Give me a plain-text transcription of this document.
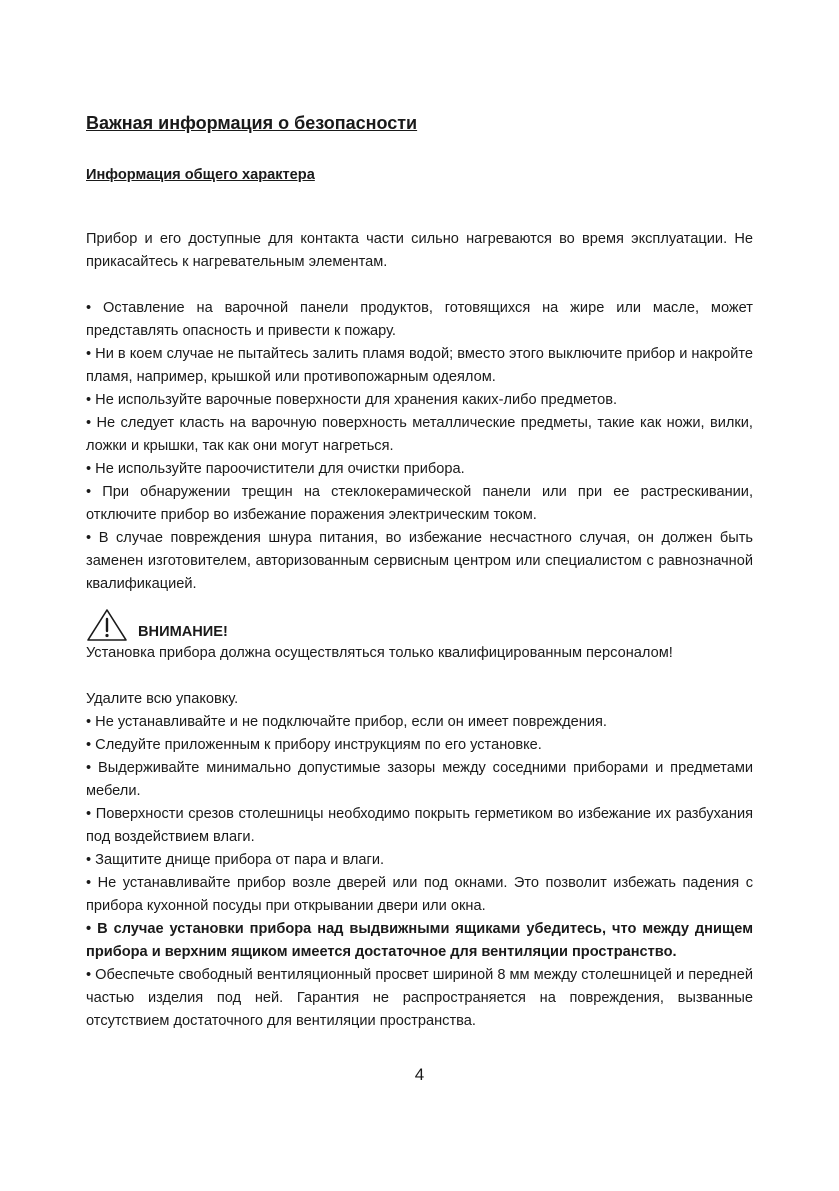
Важная информация о безопасности
Информация общего характера

Прибор и его доступные для контакта части сильно нагреваются во время эксплуатации. Не прикасайтесь к нагревательным элементам.

• Оставление на варочной панели продуктов, готовящихся на жире или масле, может представлять опасность и привести к пожару.

• Ни в коем случае не пытайтесь залить пламя водой; вместо этого выключите прибор и накройте пламя, например, крышкой или противопожарным одеялом.

• Не используйте варочные поверхности для хранения каких-либо предметов.

• Не следует класть на варочную поверхность металлические предметы, такие как ножи, вилки, ложки и крышки, так как они могут нагреться.

• Не используйте пароочистители для очистки прибора.

• При обнаружении трещин на стеклокерамической панели или при ее растрескивании, отключите прибор во избежание поражения электрическим током.

• В случае повреждения шнура питания, во избежание несчастного случая, он должен быть заменен изготовителем, авторизованным сервисным центром или специалистом с равнозначной квалификацией.

ВНИМАНИЕ!

Установка прибора должна осуществляться только квалифицированным персоналом!

Удалите всю упаковку.

• Не устанавливайте и не подключайте прибор, если он имеет повреждения.

• Следуйте приложенным к прибору инструкциям по его установке.

• Выдерживайте минимально допустимые зазоры между соседними приборами и предметами мебели.

• Поверхности срезов столешницы необходимо покрыть герметиком во избежание их разбухания под воздействием влаги.

• Защитите днище прибора от пара и влаги.

• Не устанавливайте прибор возле дверей или под окнами. Это позволит избежать падения с прибора кухонной посуды при открывании двери или окна.

• В случае установки прибора над выдвижными ящиками убедитесь, что между днищем прибора и верхним ящиком имеется достаточное для вентиляции пространство.

• Обеспечьте свободный вентиляционный просвет шириной 8 мм между столешницей и передней частью изделия под ней. Гарантия не распространяется на повреждения, вызванные отсутствием достаточного для вентиляции пространства.

4
